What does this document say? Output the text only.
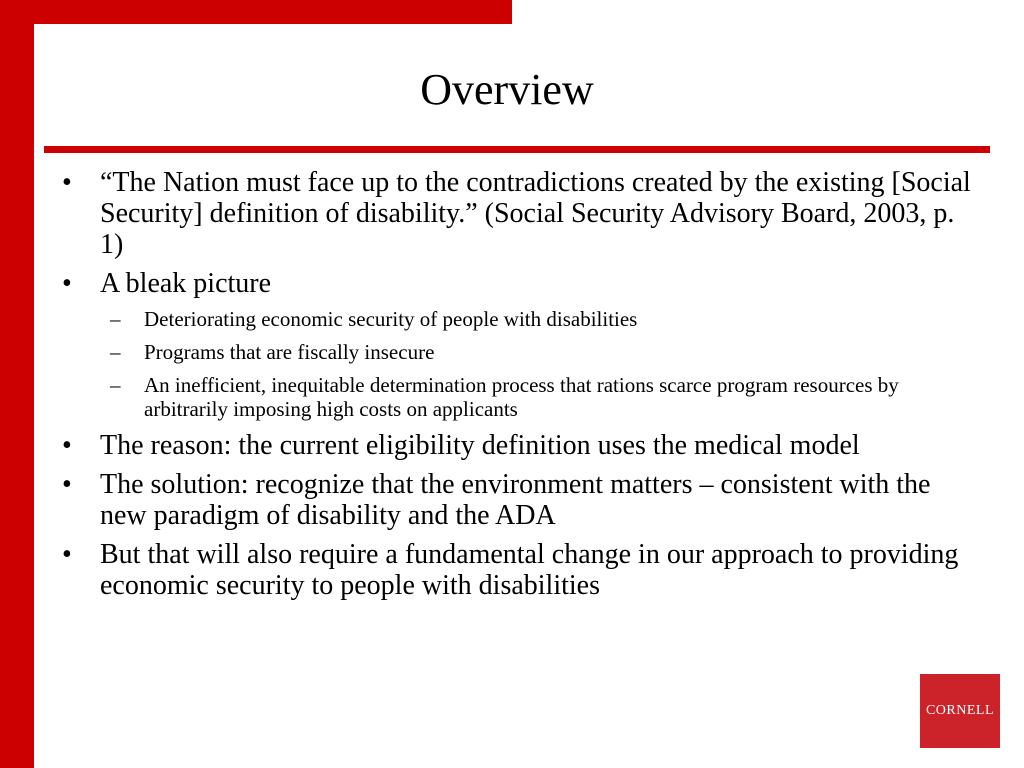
Overview
•	“The Nation must face up to the contradictions created by the existing [Social Security] definition of disability.” (Social Security Advisory Board, 2003, p. 1)
•	A bleak picture
–	Deteriorating economic security of people with disabilities
–	Programs that are fiscally insecure
–	An inefficient, inequitable determination process that rations scarce program resources by arbitrarily imposing high costs on applicants
•	The reason: the current eligibility definition uses the medical model
•	The solution: recognize that the environment matters – consistent with the new paradigm of disability and the ADA
•	But that will also require a fundamental change in our approach to providing economic security to people with disabilities
CORNELL
